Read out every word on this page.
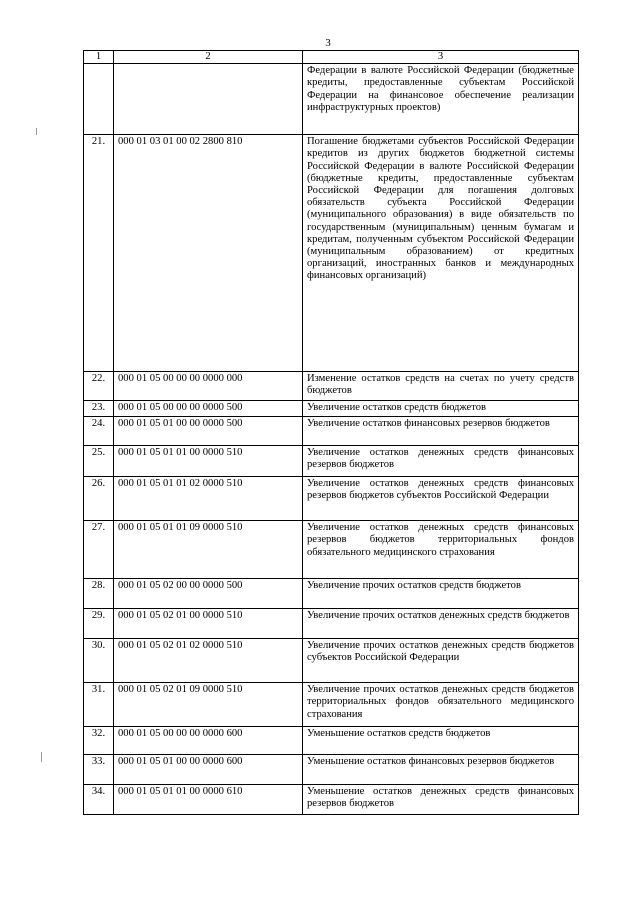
3
1	2	3
		Федерации в валюте Российской Федерации (бюджетные кредиты, предоставленные субъектам Российской Федерации на финансовое обеспечение реализации инфраструктурных проектов)
21.	000 01 03 01 00 02 2800 810	Погашение бюджетами субъектов Российской Федерации кредитов из других бюджетов бюджетной системы Российской Федерации в валюте Российской Федерации (бюджетные кредиты, предоставленные субъектам Российской Федерации для погашения долговых обязательств субъекта Российской Федерации (муниципального образования) в виде обязательств по государственным (муниципальным) ценным бумагам и кредитам, полученным субъектом Российской Федерации (муниципальным образованием) от кредитных организаций, иностранных банков и международных финансовых организаций)
22.	000 01 05 00 00 00 0000 000	Изменение остатков средств на счетах по учету средств бюджетов
23.	000 01 05 00 00 00 0000 500	Увеличение остатков средств бюджетов
24.	000 01 05 01 00 00 0000 500	Увеличение остатков финансовых резервов бюджетов
25.	000 01 05 01 01 00 0000 510	Увеличение остатков денежных средств финансовых резервов бюджетов
26.	000 01 05 01 01 02 0000 510	Увеличение остатков денежных средств финансовых резервов бюджетов субъектов Российской Федерации
27.	000 01 05 01 01 09 0000 510	Увеличение остатков денежных средств финансовых резервов бюджетов территориальных фондов обязательного медицинского страхования
28.	000 01 05 02 00 00 0000 500	Увеличение прочих остатков средств бюджетов
29.	000 01 05 02 01 00 0000 510	Увеличение прочих остатков денежных средств бюджетов
30.	000 01 05 02 01 02 0000 510	Увеличение прочих остатков денежных средств бюджетов субъектов Российской Федерации
31.	000 01 05 02 01 09 0000 510	Увеличение прочих остатков денежных средств бюджетов территориальных фондов обязательного медицинского страхования
32.	000 01 05 00 00 00 0000 600	Уменьшение остатков средств бюджетов
33.	000 01 05 01 00 00 0000 600	Уменьшение остатков финансовых резервов бюджетов
34.	000 01 05 01 01 00 0000 610	Уменьшение остатков денежных средств финансовых резервов бюджетов
